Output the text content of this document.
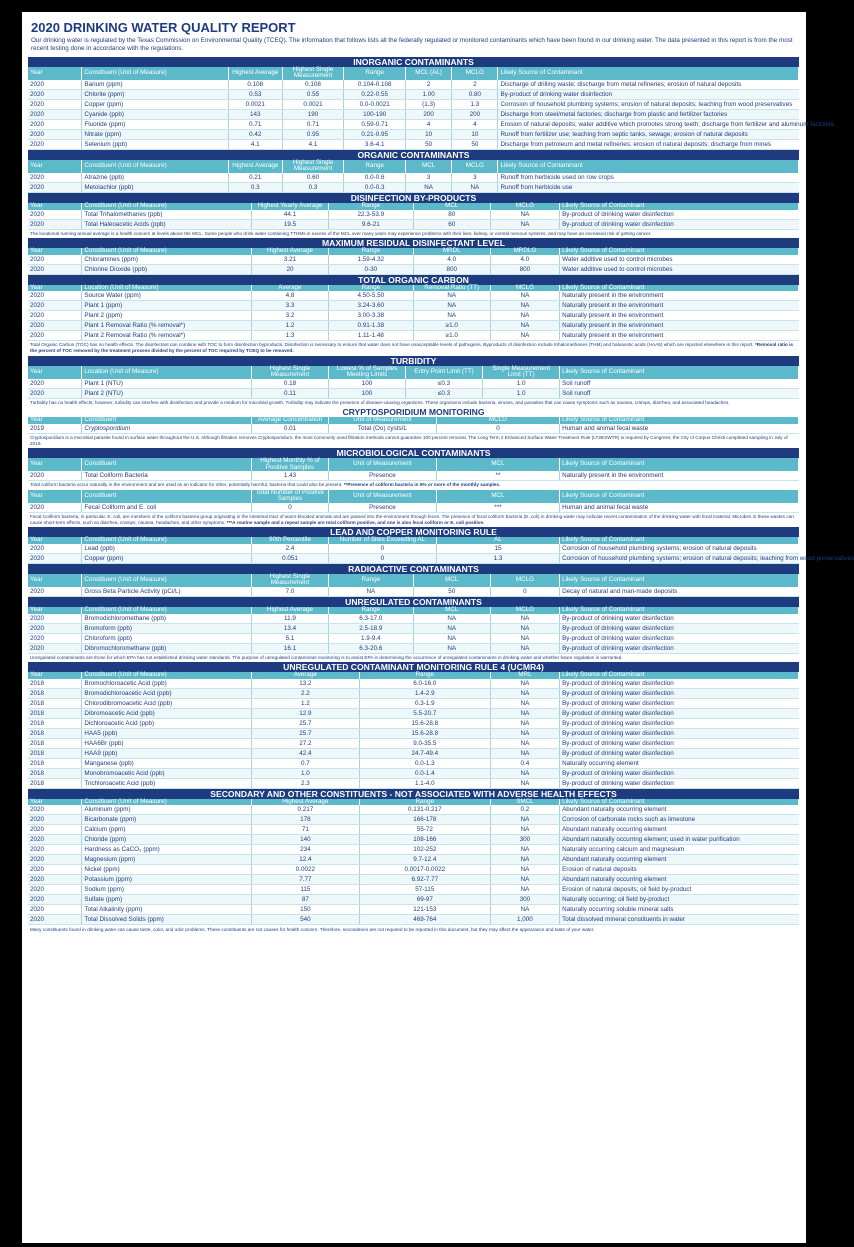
2020 DRINKING WATER QUALITY REPORT
Our drinking water is regulated by the Texas Commission on Environmental Quality (TCEQ). The information that follows lists all the federally regulated or monitored contaminants which have been found in our drinking water. The data presented in this report is from the most recent testing done in accordance with the regulations.
INORGANIC CONTAMINANTS
Year	Constituent (Unit of Measure)	Highest Average	Highest Single Measurement	Range	MCL (AL)	MCLG	Likely Source of Contaminant
2020	Barium (ppm)	0.108	0.108	0.104-0.108	2	2	Discharge of drilling waste; discharge from metal refineries; erosion of natural deposits
2020	Chlorite (ppm)	0.53	0.55	0.22-0.55	1.00	0.80	By-product of drinking water disinfection
2020	Copper (ppm)	0.0021	0.0021	0.0-0.0021	(1.3)	1.3	Corrosion of household plumbing systems; erosion of natural deposits; leaching from wood preservatives
2020	Cyanide (ppb)	143	190	100-190	200	200	Discharge from steel/metal factories; discharge from plastic and fertilizer factories
2020	Fluoride (ppm)	0.71	0.71	0.59-0.71	4	4	Erosion of natural deposits; water additive which promotes strong teeth; discharge from fertilizer and aluminum factories
2020	Nitrate (ppm)	0.42	0.95	0.21-0.95	10	10	Runoff from fertilizer use; leaching from septic tanks, sewage; erosion of natural deposits
2020	Selenium (ppb)	4.1	4.1	3.6-4.1	50	50	Discharge from petroleum and metal refineries; erosion of natural deposits; discharge from mines
ORGANIC CONTAMINANTS
Year	Constituent (Unit of Measure)	Highest Average	Highest Single Measurement	Range	MCL	MCLG	Likely Source of Contaminant
2020	Atrazine (ppb)	0.21	0.60	0.0-0.6	3	3	Runoff from herbicide used on row crops
2020	Metolachlor (ppb)	0.3	0.3	0.0-0.3	NA	NA	Runoff from herbicide use
DISINFECTION BY-PRODUCTS
Year	Constituent (Unit of Measure)	Highest Yearly Average	Range	MCL	MCLG	Likely Source of Contaminant
2020	Total Trihalomethanes (ppb)	44.1	22.3-53.9	80	NA	By-product of drinking water disinfection
2020	Total Haleoacetic Acids (ppb)	19.5	9.6-21	60	NA	By-product of drinking water disinfection
The locational running annual average is a health concern at levels above the MCL. Some people who drink water containing TTHMs in excess of the MCL over many years may experience problems with their liver, kidney, or central nervous systems, and may have an increased risk of getting cancer.
MAXIMUM RESIDUAL DISINFECTANT LEVEL
Year	Constituent (Unit of Measure)	Highest Average	Range	MRDL	MRDLG	Likely Source of Contaminant
2020	Chloramines (ppm)	3.21	1.59-4.32	4.0	4.0	Water additive used to control microbes
2020	Chlorine Dioxide (ppb)	20	0-30	800	800	Water additive used to control microbes
TOTAL ORGANIC CARBON
Year	Location (Unit of Measure)	Average	Range	Removal Ratio (TT)	MCLG	Likely Source of Contaminant
2020	Source Water (ppm)	4.8	4.50-5.50	NA	NA	Naturally present in the environment
2020	Plant 1 (ppm)	3.3	3.24-3.60	NA	NA	Naturally present in the environment
2020	Plant 2 (ppm)	3.2	3.00-3.38	NA	NA	Naturally present in the environment
2020	Plant 1 Removal Ratio (% removal*)	1.2	0.91-1.38	≥1.0	NA	Naturally present in the environment
2020	Plant 2 Removal Ratio (% removal*)	1.3	1.11-1.48	≥1.0	NA	Naturally present in the environment
Total Organic Carbon (TOC) has no health effects. The disinfectant can combine with TOC to form disinfection byproducts. Disinfection is necessary to ensure that water does not have unacceptable levels of pathogens. Byproducts of disinfection include trihalomethanes (THM) and haloacetic acids (HAA5) which are reported elsewhere in this report. *Removal ratio is the percent of TOC removed by the treatment process divided by the percent of TOC required by TCEQ to be removed.
TURBIDITY
Year	Location (Unit of Measure)	Highest Single Measurement	Lowest % of Samples Meeting Limits	Entry Point Limit (TT)	Single Measurement Limit (TT)	Likely Source of Contaminant
2020	Plant 1 (NTU)	0.18	100	≤0.3	1.0	Soil runoff
2020	Plant 2 (NTU)	0.11	100	≤0.3	1.0	Soil runoff
Turbidity has no health effects; however, turbidity can interfere with disinfection and provide a medium for microbial growth. Turbidity may indicate the presence of disease-causing organisms. These organisms include bacteria, viruses, and parasites that can cause symptoms such as nausea, cramps, diarrhea, and associated headaches.
CRYPTOSPORIDIUM MONITORING
Year	Constituent	Average Concentration	Unit of Measurement	MCLG	Likely Source of Contaminant
2019	Cryptosporidium	0.01	Total (Oo) cysts/L	0	Human and animal fecal waste
Cryptosporidium is a microbial parasite found in surface water throughout the U.S. Although filtration removes Cryptosporidium, the most commonly used filtration methods cannot guarantee 100 percent removal. The Long Term 2 Enhanced Surface Water Treatment Rule (LT2ESWTR) is required by Congress; the City of Corpus Christi completed sampling in July of 2019.
MICROBIOLOGICAL CONTAMINANTS
Year	Constituent	Highest Monthly % of Positive Samples	Unit of Measurement	MCL	Likely Source of Contaminant
2020	Total Coliform Bacteria	1.43	Presence	**	Naturally present in the environment
Total coliform bacteria occur naturally in the environment and are used as an indicator for other, potentially harmful, bacteria that could also be present. **Presence of coliform bacteria in 5% or more of the monthly samples.
Year	Constituent	Total Number of Positive Samples	Unit of Measurement	MCL	Likely Source of Contaminant
2020	Fecal Coliform and E. coli	0	Presence	***	Human and animal fecal waste
Fecal Coliform bacteria, in particular, E. coli, are members of the coliform bacteria group originating in the intestinal tract of warm-blooded animals and are passed into the environment through feces. The presence of fecal coliform bacteria (E. coli) in drinking water may indicate recent contamination of the drinking water with fecal material. Microbes in these wastes can cause short-term effects, such as diarrhea, cramps, nausea, headaches, and other symptoms. ***A routine sample and a repeat sample are total coliform positive, and one is also fecal coliform or E. coli positive.
LEAD AND COPPER MONITORING RULE
Year	Constituent (Unit of Measure)	90th Percentile	Number of Sites Exceeding AL	AL	Likely Source of Contaminant
2020	Lead (ppb)	2.4	0	15	Corrosion of household plumbing systems; erosion of natural deposits
2020	Copper (ppm)	0.051	0	1.3	Corrosion of household plumbing systems; erosion of natural deposits; leaching from wood preservatives
RADIOACTIVE CONTAMINANTS
Year	Constituent (Unit of Measure)	Highest Single Measurement	Range	MCL	MCLG	Likely Source of Contaminant
2020	Gross Beta Particle Activity (pCi/L)	7.0	NA	50	0	Decay of natural and man-made deposits
UNREGULATED CONTAMINANTS
Year	Constituent (Unit of Measure)	Highest Average	Range	MCL	MCLG	Likely Source of Contaminant
2020	Bromodichloromethane (ppb)	11.9	6.3-17.0	NA	NA	By-product of drinking water disinfection
2020	Bromoform (ppb)	13.4	2.5-18.9	NA	NA	By-product of drinking water disinfection
2020	Chloroform (ppb)	5.1	1.9-9.4	NA	NA	By-product of drinking water disinfection
2020	Dibromochloromethane (ppb)	16.1	6.3-20.6	NA	NA	By-product of drinking water disinfection
Unregulated contaminants are those for which EPA has not established drinking water standards. The purpose of unregulated contaminant monitoring is to assist EPA in determining the occurrence of unregulated contaminants in drinking water and whether future regulation is warranted.
UNREGULATED CONTAMINANT MONITORING RULE 4 (UCMR4)
Year	Constituent (Unit of Measure)	Average	Range	MRL	Likely Source of Contaminant
2018	Bromochloroacetic Acid (ppb)	13.2	6.0-16.0	NA	By-product of drinking water disinfection
2018	Bromodichloroacetic Acid (ppb)	2.2	1.4-2.9	NA	By-product of drinking water disinfection
2018	Chlorodibromoacetic Acid (ppb)	1.2	0.3-1.9	NA	By-product of drinking water disinfection
2018	Dibromoacetic Acid (ppb)	12.9	5.5-20.7	NA	By-product of drinking water disinfection
2018	Dichloroacetic Acid (ppb)	25.7	15.6-28.8	NA	By-product of drinking water disinfection
2018	HAA5 (ppb)	25.7	15.6-28.8	NA	By-product of drinking water disinfection
2018	HAA6Br (ppb)	27.2	9.0-35.5	NA	By-product of drinking water disinfection
2018	HAA9 (ppb)	42.4	24.7-49.4	NA	By-product of drinking water disinfection
2018	Manganese (ppb)	0.7	0.0-1.3	0.4	Naturally occurring element
2018	Monobromoacetic Acid (ppb)	1.0	0.0-1.4	NA	By-product of drinking water disinfection
2018	Trichloroacetic Acid (ppb)	2.3	1.1-4.0	NA	By-product of drinking water disinfection
SECONDARY AND OTHER CONSTITUENTS - NOT ASSOCIATED WITH ADVERSE HEALTH EFFECTS
Year	Constituent (Unit of Measure)	Highest Average	Range	SMCL	Likely Source of Contaminant
2020	Aluminum (ppm)	0.217	0.131-0.217	0.2	Abundant naturally occurring element
2020	Bicarbonate (ppm)	178	166-178	NA	Corrosion of carbonate rocks such as limestone
2020	Calcium (ppm)	71	55-72	NA	Abundant naturally occurring element
2020	Chloride (ppm)	140	108-166	300	Abundant naturally occurring element; used in water purification
2020	Hardness as CaCO₃ (ppm)	234	102-252	NA	Naturally occurring calcium and magnesium
2020	Magnesium (ppm)	12.4	9.7-12.4	NA	Abundant naturally occurring element
2020	Nickel (ppm)	0.0022	0.0017-0.0022	NA	Erosion of natural deposits
2020	Potassium (ppm)	7.77	6.92-7.77	NA	Abundant naturally occurring element
2020	Sodium (ppm)	115	57-115	NA	Erosion of natural deposits; oil field by-product
2020	Sulfate (ppm)	87	69-97	300	Naturally occurring; oil field by-product
2020	Total Alkalinity (ppm)	150	121-153	NA	Naturally occurring soluble mineral salts
2020	Total Dissolved Solids (ppm)	540	469-764	1,000	Total dissolved mineral constituents in water
Many constituents found in drinking water can cause taste, color, and odor problems. These constituents are not causes for health concern. Therefore, secondaries are not required to be reported in this document, but they may affect the appearance and taste of your water.
